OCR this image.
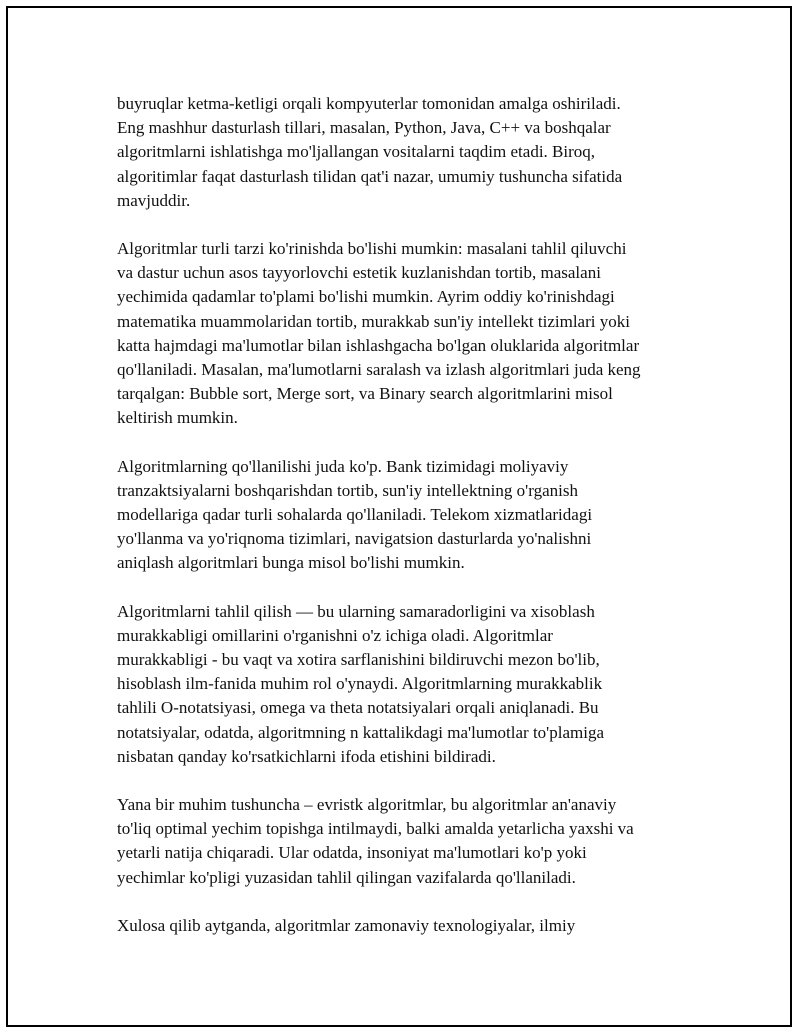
buyruqlar ketma-ketligi orqali kompyuterlar tomonidan amalga oshiriladi.
Eng mashhur dasturlash tillari, masalan, Python, Java, C++ va boshqalar
algoritmlarni ishlatishga mo'ljallangan vositalarni taqdim etadi. Biroq,
algoritimlar faqat dasturlash tilidan qat'i nazar, umumiy tushuncha sifatida
mavjuddir.

Algoritmlar turli tarzi ko'rinishda bo'lishi mumkin: masalani tahlil qiluvchi
va dastur uchun asos tayyorlovchi estetik kuzlanishdan tortib, masalani
yechimida qadamlar to'plami bo'lishi mumkin. Ayrim oddiy ko'rinishdagi
matematika muammolaridan tortib, murakkab sun'iy intellekt tizimlari yoki
katta hajmdagi ma'lumotlar bilan ishlashgacha bo'lgan oluklarida algoritmlar
qo'llaniladi. Masalan, ma'lumotlarni saralash va izlash algoritmlari juda keng
tarqalgan: Bubble sort, Merge sort, va Binary search algoritmlarini misol
keltirish mumkin.

Algoritmlarning qo'llanilishi juda ko'p. Bank tizimidagi moliyaviy
tranzaktsiyalarni boshqarishdan tortib, sun'iy intellektning o'rganish
modellariga qadar turli sohalarda qo'llaniladi. Telekom xizmatlaridagi
yo'llanma va yo'riqnoma tizimlari, navigatsion dasturlarda yo'nalishni
aniqlash algoritmlari bunga misol bo'lishi mumkin.

Algoritmlarni tahlil qilish — bu ularning samaradorligini va xisoblash
murakkabligi omillarini o'rganishni o'z ichiga oladi. Algoritmlar
murakkabligi - bu vaqt va xotira sarflanishini bildiruvchi mezon bo'lib,
hisoblash ilm-fanida muhim rol o'ynaydi. Algoritmlarning murakkablik
tahlili O-notatsiyasi, omega va theta notatsiyalari orqali aniqlanadi. Bu
notatsiyalar, odatda, algoritmning n kattalikdagi ma'lumotlar to'plamiga
nisbatan qanday ko'rsatkichlarni ifoda etishini bildiradi.

Yana bir muhim tushuncha – evristk algoritmlar, bu algoritmlar an'anaviy
to'liq optimal yechim topishga intilmaydi, balki amalda yetarlicha yaxshi va
yetarli natija chiqaradi. Ular odatda, insoniyat ma'lumotlari ko'p yoki
yechimlar ko'pligi yuzasidan tahlil qilingan vazifalarda qo'llaniladi.

Xulosa qilib aytganda, algoritmlar zamonaviy texnologiyalar, ilmiy
